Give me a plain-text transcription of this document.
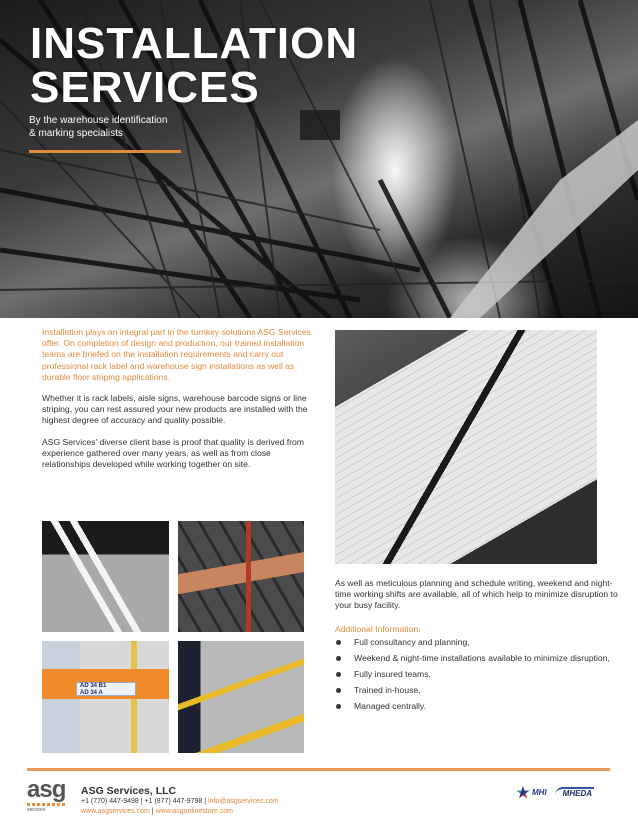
INSTALLATION
SERVICES
By the warehouse identification
& marking specialists

Installation plays an integral part in the turnkey solutions ASG Services offer. On completion of design and production, our trained installation teams are briefed on the installation requirements and carry out professional rack label and warehouse sign installations as well as durable floor striping applications.

Whether it is rack labels, aisle signs, warehouse barcode signs or line striping, you can rest assured your new products are installed with the highest degree of accuracy and quality possible.

ASG Services' diverse client base is proof that quality is derived from experience gathered over many years, as well as from close relationships developed while working together on site.

AD 34 B1
AD 34 A

As well as meticulous planning and schedule writing, weekend and night-time working shifts are available, all of which help to minimize disruption to your busy facility.

Additional Information:
Full consultancy and planning,
Weekend & night-time installations available to minimize disruption,
Fully insured teams,
Trained in-house,
Managed centrally.
asg
services
ASG Services, LLC
+1 (770) 447-9498 | +1 (877) 447-9798 | info@asgservices.com
www.asgservices.com | www.asgonlinestore.com
MHI	MHEDA
